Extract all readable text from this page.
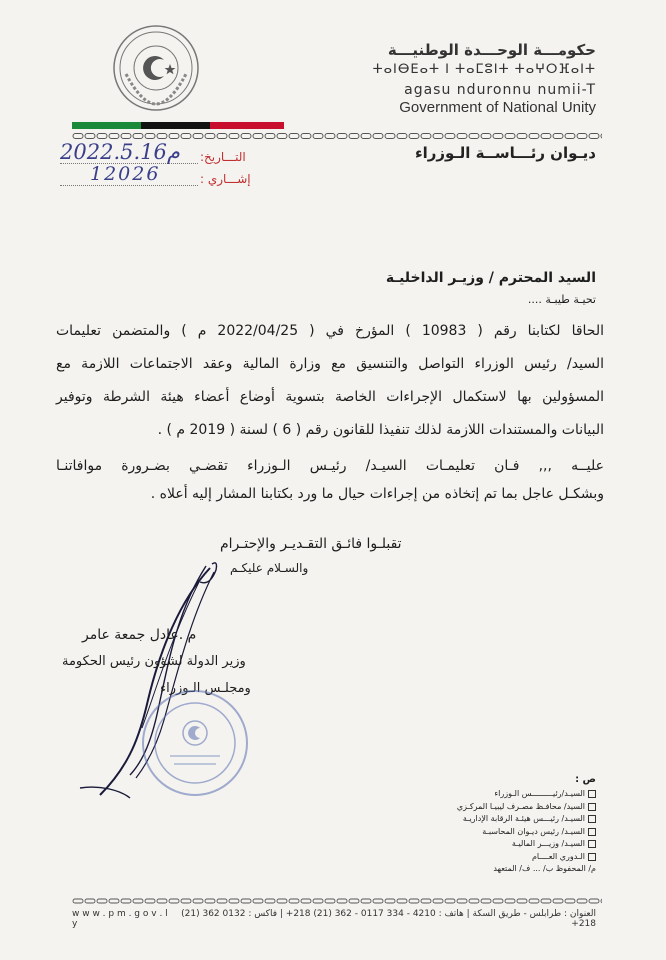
حكومـــة الوحـــدة الوطنيـــة
ⵜⴰⵏⴱⴹⴰⵜ ⵏ ⵜⴰⵎⵓⵏⵜ ⵜⴰⵖⵔⴼⴰⵏⵜ
agasu nduronnu numii-T
Government of National Unity
ديـوان رئـــاســة الـوزراء
التـــاريخ:
إشـــاري :
2022.5.16م
12026
السيد المحترم / وزيـر الداخليـة
تحيـة طيبـة ....
الحاقا لكتابنا رقم ( 10983 ) المؤرخ في ( 2022/04/25 م ) والمتضمن تعليمات
السيد/ رئيس الوزراء التواصل والتنسيق مع وزارة المالية وعقد الاجتماعات اللازمة مع
المسؤولين بها لاستكمال الإجراءات الخاصة بتسوية أوضاع أعضاء هيئة الشرطة وتوفير
البيانات والمستندات اللازمة لذلك تنفيذا للقانون رقم ( 6 ) لسنة ( 2019 م ) .
عليــه ,,, فـان تعليمـات السيـد/ رئيـس الـوزراء تقضـي بضـرورة موافاتنـا
وبشكـل عاجل بما تم إتخاذه من إجراءات حيال ما ورد بكتابنا المشار إليه أعلاه .
تقبلـوا فائـق التقـديـر والإحتـرام
والسـلام عليكـم
م .عادل جمعة عامر
وزير الدولة لشؤون رئيس الحكومة
ومجلـس الـوزراء
ص :
السيـد/رئيـــــــــس الـوزراء
السيد/ محافـظ مصـرف ليبيـا المركـزي
السيـد/ رئيـــس هيئـة الرقابة الإداريـة
السيـد/ رئيس ديـوان المحاسبـة
السيـد/ وزيـــر الماليـة
الـدوري العــــام
م/ المحفوظ ب/ ... ف/ المتعهد
w w w . p m . g o v . l y
العنوان : طرابلس - طريق السكة | هاتف : 4210 - 334 0117 - 362 (21) 218+ | فاكس : 0132 362 (21) 218+
